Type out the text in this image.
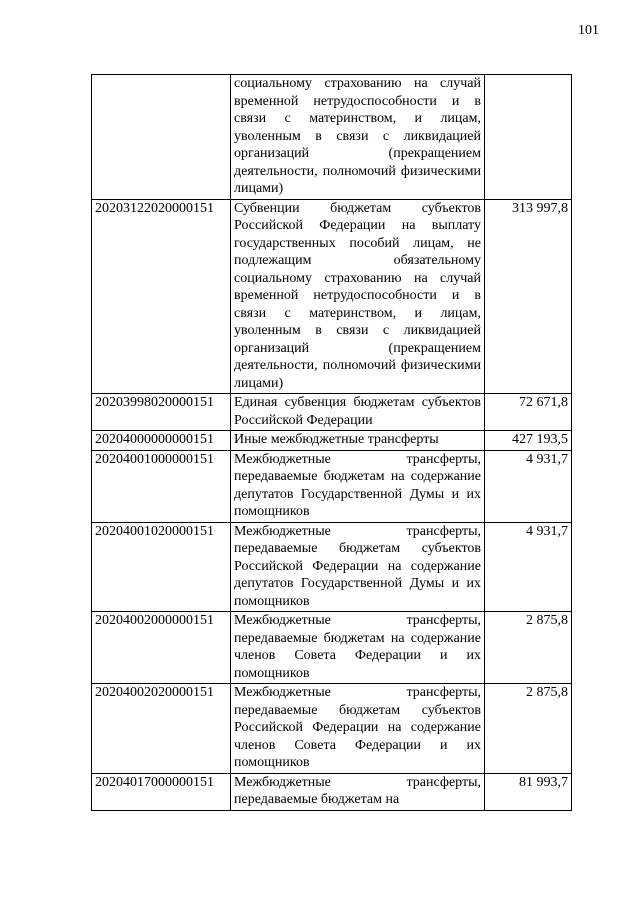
101
	социальному страхованию на случай временной нетрудоспособности и в связи с материнством, и лицам, уволенным в связи с ликвидацией организаций (прекращением деятельности, полномочий физическими лицами)	
20203122020000151	Субвенции бюджетам субъектов Российской Федерации на выплату государственных пособий лицам, не подлежащим обязательному социальному страхованию на случай временной нетрудоспособности и в связи с материнством, и лицам, уволенным в связи с ликвидацией организаций (прекращением деятельности, полномочий физическими лицами)	313 997,8
20203998020000151	Единая субвенция бюджетам субъектов Российской Федерации	72 671,8
20204000000000151	Иные межбюджетные трансферты	427 193,5
20204001000000151	Межбюджетные трансферты, передаваемые бюджетам на содержание депутатов Государственной Думы и их помощников	4 931,7
20204001020000151	Межбюджетные трансферты, передаваемые бюджетам субъектов Российской Федерации на содержание депутатов Государственной Думы и их помощников	4 931,7
20204002000000151	Межбюджетные трансферты, передаваемые бюджетам на содержание членов Совета Федерации и их помощников	2 875,8
20204002020000151	Межбюджетные трансферты, передаваемые бюджетам субъектов Российской Федерации на содержание членов Совета Федерации и их помощников	2 875,8
20204017000000151	Межбюджетные трансферты, передаваемые бюджетам на	81 993,7
